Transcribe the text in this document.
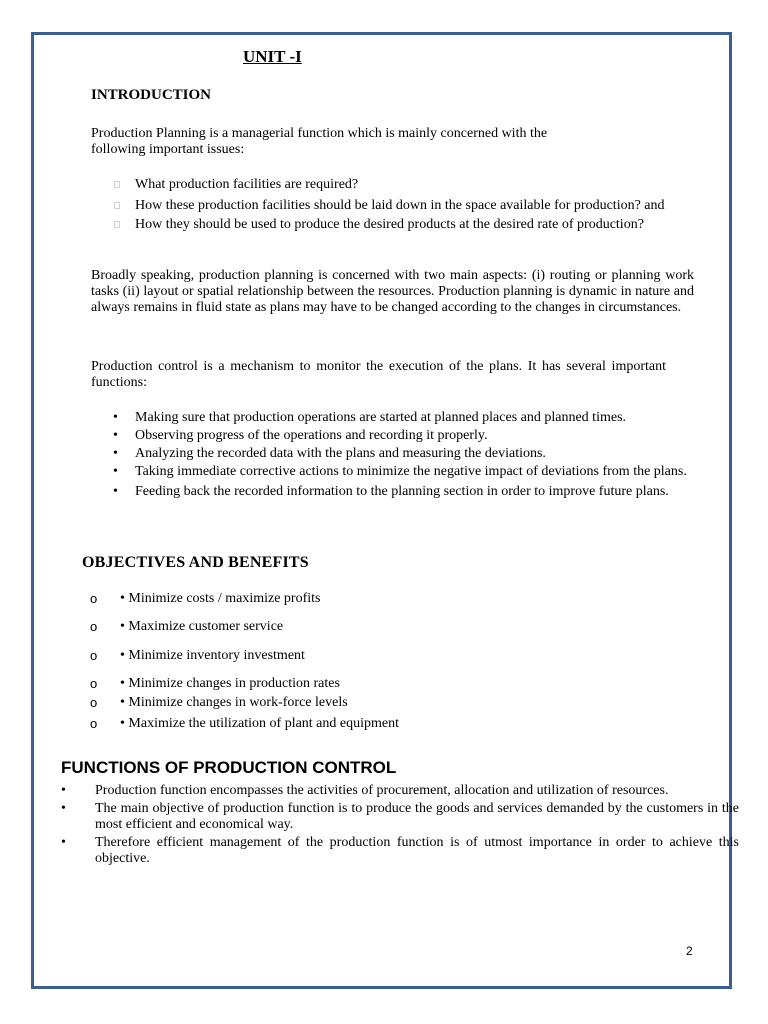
UNIT -I
INTRODUCTION
Production Planning is a managerial function which is mainly concerned with the
following important issues:
What production facilities are required?
How these production facilities should be laid down in the space available for production? and
How they should be used to produce the desired products at the desired rate of production?

Broadly speaking, production planning is concerned with two main aspects: (i) routing or planning work tasks (ii) layout or spatial relationship between the resources. Production planning is dynamic in nature and always remains in fluid state as plans may have to be changed according to the changes in circumstances.

Production control is a mechanism to monitor the execution of the plans. It has several important functions:

• Making sure that production operations are started at planned places and planned times.
• Observing progress of the operations and recording it properly.
• Analyzing the recorded data with the plans and measuring the deviations.
• Taking immediate corrective actions to minimize the negative impact of deviations from the plans.
• Feeding back the recorded information to the planning section in order to improve future plans.
OBJECTIVES AND BENEFITS
o • Minimize costs / maximize profits
o • Maximize customer service
o • Minimize inventory investment
o • Minimize changes in production rates
o • Minimize changes in work-force levels
o • Maximize the utilization of plant and equipment
FUNCTIONS OF PRODUCTION CONTROL
• Production function encompasses the activities of procurement, allocation and utilization of resources.
• The main objective of production function is to produce the goods and services demanded by the customers in the most efficient and economical way.
• Therefore efficient management of the production function is of utmost importance in order to achieve this objective.
2
